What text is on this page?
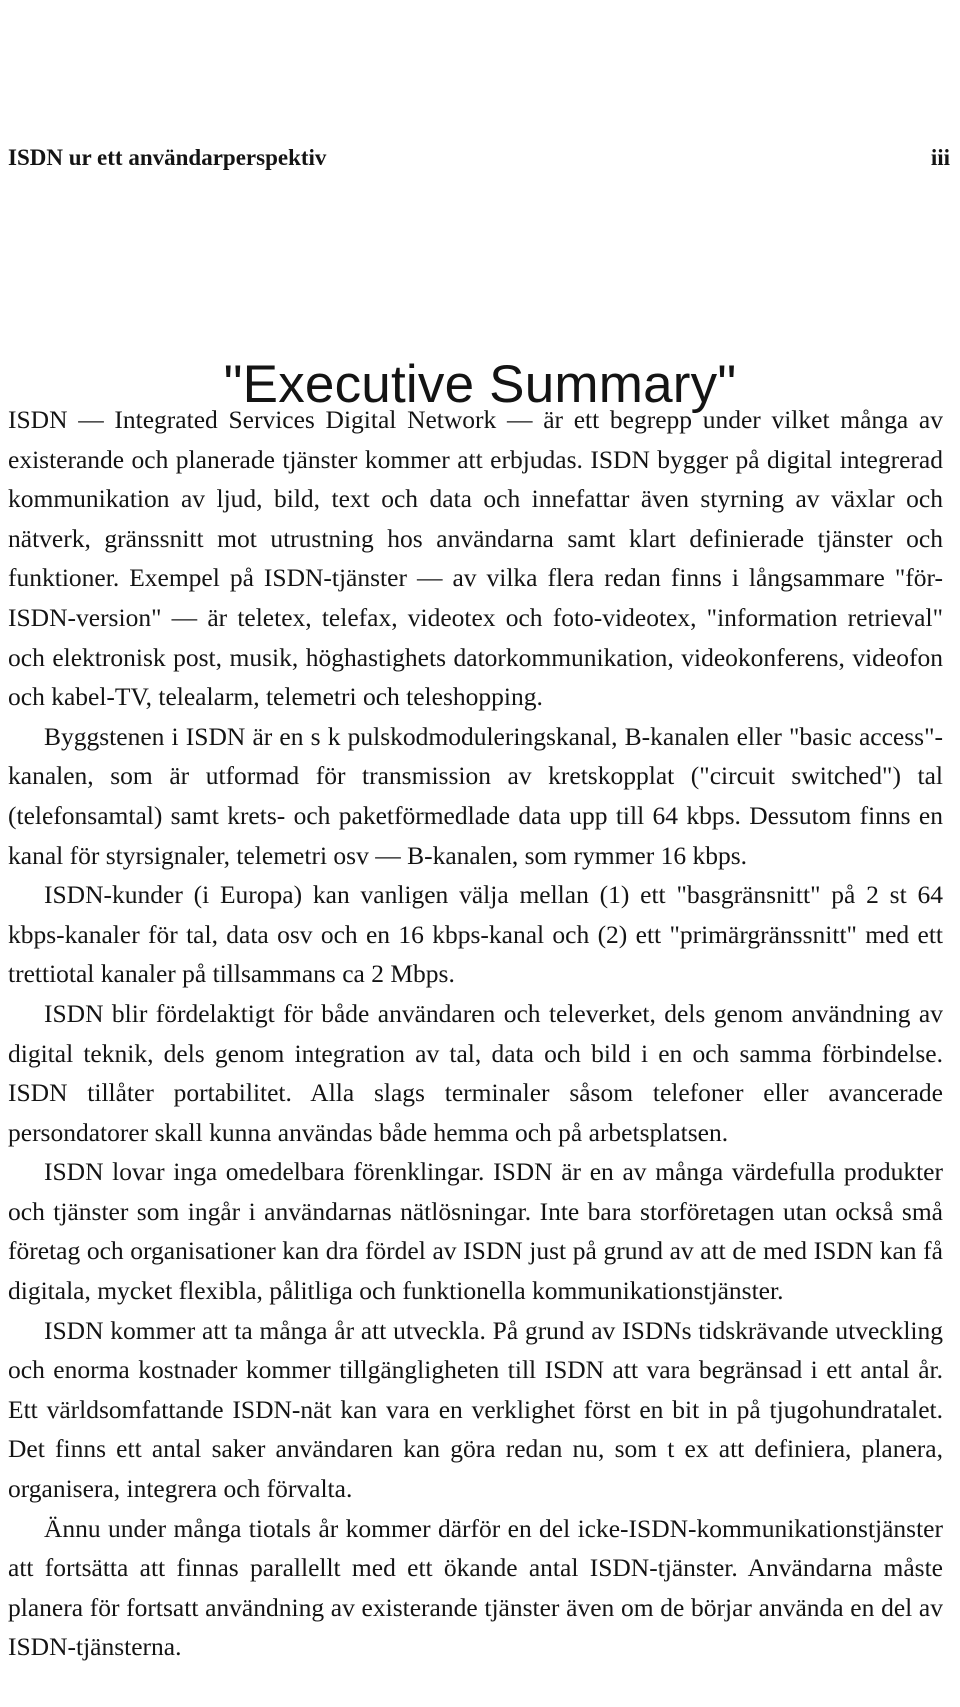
ISDN ur ett användarperspektiv	iii
"Executive Summary"

ISDN — Integrated Services Digital Network — är ett begrepp under vilket många av existerande och planerade tjänster kommer att erbjudas. ISDN bygger på digital integrerad kommunikation av ljud, bild, text och data och innefattar även styrning av växlar och nätverk, gränssnitt mot utrustning hos användarna samt klart definierade tjänster och funktioner. Exempel på ISDN-tjänster — av vilka flera redan finns i långsammare "för-ISDN-version" — är teletex, telefax, videotex och foto-videotex, "information retrieval" och elektronisk post, musik, höghastighets datorkommunikation, videokonferens, videofon och kabel-TV, telealarm, telemetri och teleshopping.

Byggstenen i ISDN är en s k pulskodmoduleringskanal, B-kanalen eller "basic access"-kanalen, som är utformad för transmission av kretskopplat ("circuit switched") tal (telefonsamtal) samt krets- och paketförmedlade data upp till 64 kbps. Dessutom finns en kanal för styrsignaler, telemetri osv — B-kanalen, som rymmer 16 kbps.

ISDN-kunder (i Europa) kan vanligen välja mellan (1) ett "basgränsnitt" på 2 st 64 kbps-kanaler för tal, data osv och en 16 kbps-kanal och (2) ett "primärgränssnitt" med ett trettiotal kanaler på tillsammans ca 2 Mbps.

ISDN blir fördelaktigt för både användaren och televerket, dels genom användning av digital teknik, dels genom integration av tal, data och bild i en och samma förbindelse. ISDN tillåter portabilitet. Alla slags terminaler såsom telefoner eller avancerade persondatorer skall kunna användas både hemma och på arbetsplatsen.

ISDN lovar inga omedelbara förenklingar. ISDN är en av många värdefulla produkter och tjänster som ingår i användarnas nätlösningar. Inte bara storföretagen utan också små företag och organisationer kan dra fördel av ISDN just på grund av att de med ISDN kan få digitala, mycket flexibla, pålitliga och funktionella kommunikationstjänster.

ISDN kommer att ta många år att utveckla. På grund av ISDNs tidskrävande utveckling och enorma kostnader kommer tillgängligheten till ISDN att vara begränsad i ett antal år. Ett världsomfattande ISDN-nät kan vara en verklighet först en bit in på tjugohundratalet. Det finns ett antal saker användaren kan göra redan nu, som t ex att definiera, planera, organisera, integrera och förvalta.

Ännu under många tiotals år kommer därför en del icke-ISDN-kommunikationstjänster att fortsätta att finnas parallellt med ett ökande antal ISDN-tjänster. Användarna måste planera för fortsatt användning av existerande tjänster även om de börjar använda en del av ISDN-tjänsterna.
